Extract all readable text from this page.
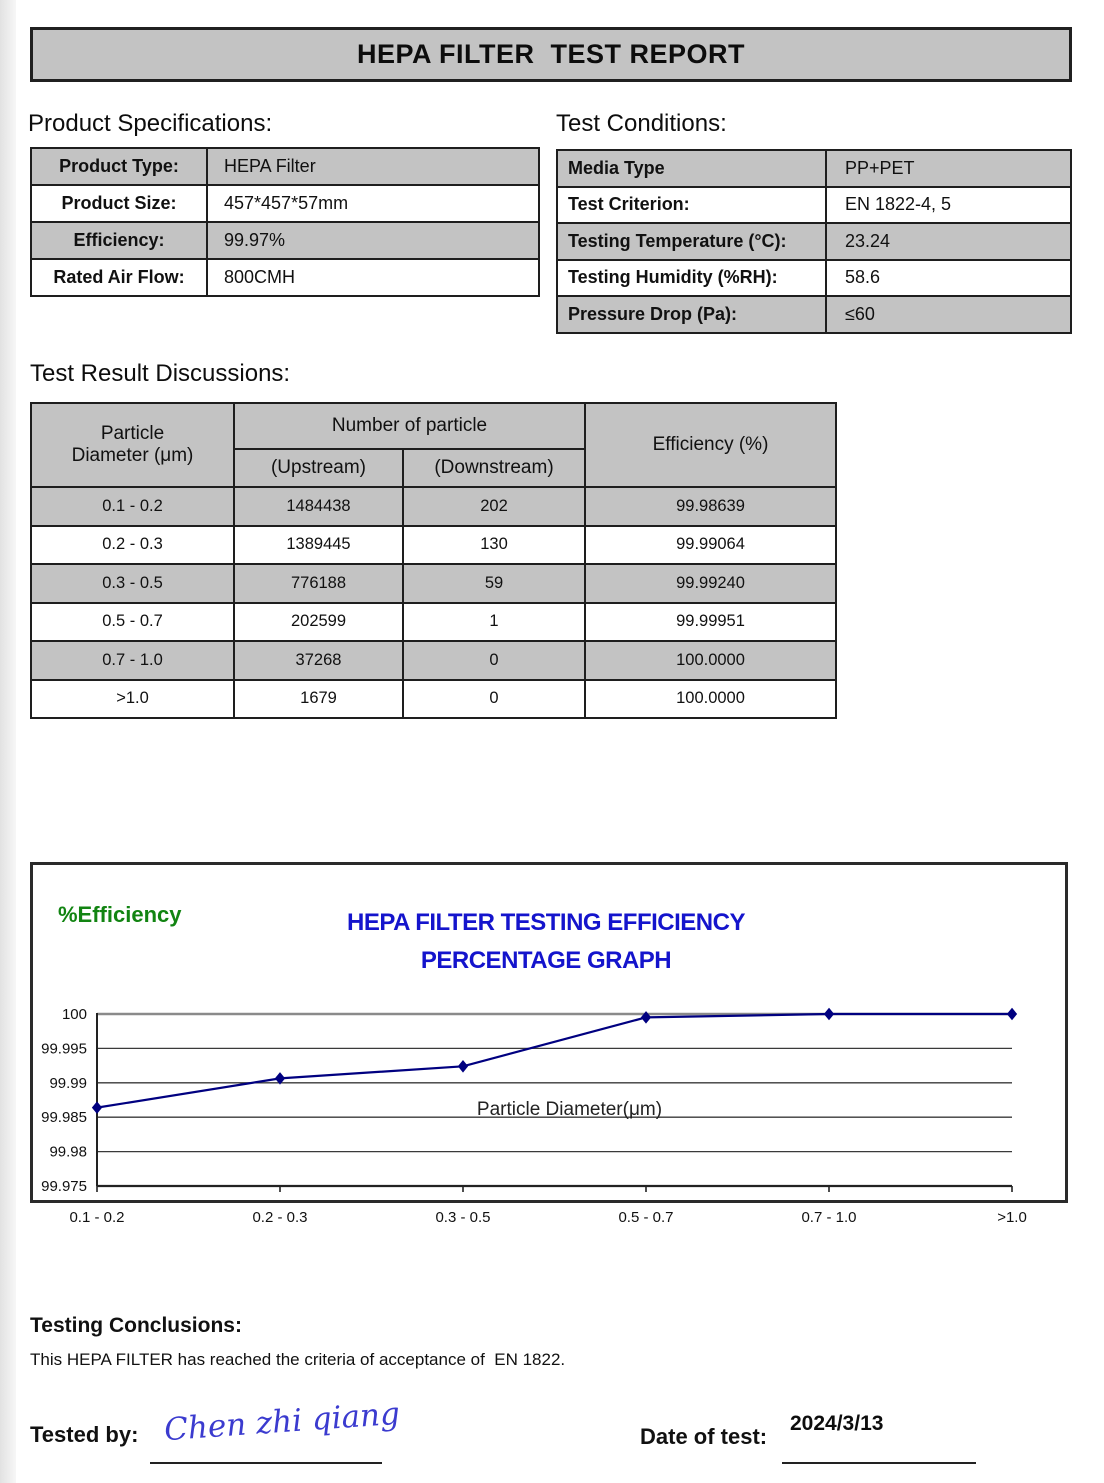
HEPA FILTER  TEST REPORT
Product Specifications:
Product Type:	HEPA Filter
Product Size:	457*457*57mm
Efficiency:	99.97%
Rated Air Flow:	800CMH
Test Conditions:
Media Type	PP+PET
Test Criterion:	EN 1822-4, 5
Testing Temperature (°C):	23.24
Testing Humidity (%RH):	58.6
Pressure Drop (Pa):	≤60
Test Result Discussions:
Particle
Diameter (μm)	Number of particle		Efficiency (%)
	(Upstream)	(Downstream)	
0.1 - 0.2	1484438	202	99.98639
0.2 - 0.3	1389445	130	99.99064
0.3 - 0.5	776188	59	99.99240
0.5 - 0.7	202599	1	99.99951
0.7 - 1.0	37268	0	100.0000
>1.0	1679	0	100.0000
%Efficiency	HEPA FILTER TESTING EFFICIENCY
PERCENTAGE GRAPH
100
99.995
99.99
99.985
99.98
99.975
0.1 - 0.2	0.2 - 0.3	0.3 - 0.5	0.5 - 0.7	0.7 - 1.0	>1.0
Particle Diameter(μm)
Testing Conclusions:
This HEPA FILTER has reached the criteria of acceptance of  EN 1822.
Tested by: Chen zhi qiang	Date of test:
2024/3/13
